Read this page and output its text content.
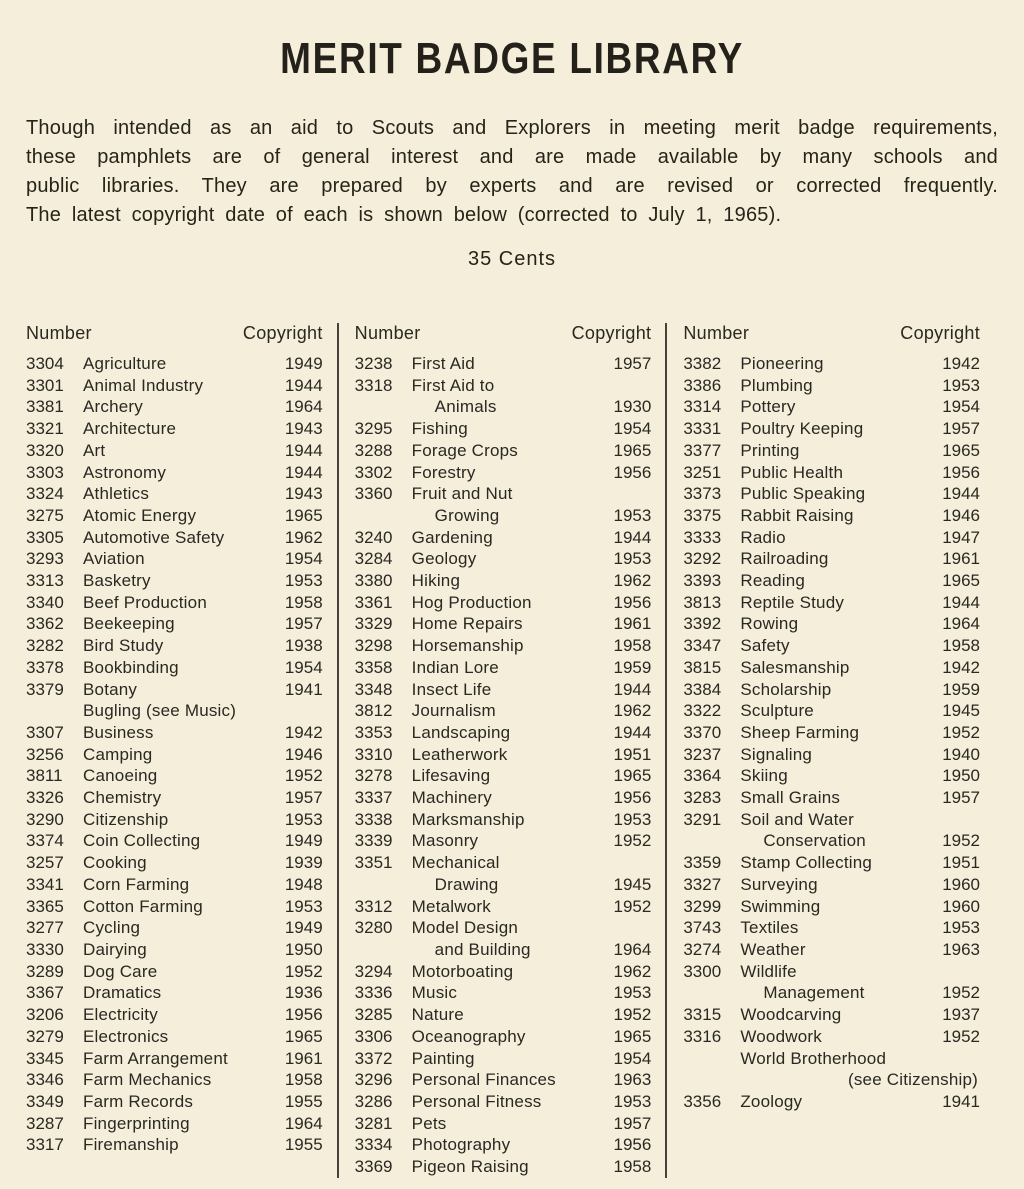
MERIT BADGE LIBRARY
Though intended as an aid to Scouts and Explorers in meeting merit badge requirements,
these pamphlets are of general interest and are made available by many schools and
public libraries. They are prepared by experts and are revised or corrected frequently.
The latest copyright date of each is shown below (corrected to July 1, 1965).
35 Cents
Number	Copyright
3304	Agriculture	1949
3301	Animal Industry	1944
3381	Archery	1964
3321	Architecture	1943
3320	Art	1944
3303	Astronomy	1944
3324	Athletics	1943
3275	Atomic Energy	1965
3305	Automotive Safety	1962
3293	Aviation	1954
3313	Basketry	1953
3340	Beef Production	1958
3362	Beekeeping	1957
3282	Bird Study	1938
3378	Bookbinding	1954
3379	Botany	1941
Bugling (see Music)
3307	Business	1942
3256	Camping	1946
3811	Canoeing	1952
3326	Chemistry	1957
3290	Citizenship	1953
3374	Coin Collecting	1949
3257	Cooking	1939
3341	Corn Farming	1948
3365	Cotton Farming	1953
3277	Cycling	1949
3330	Dairying	1950
3289	Dog Care	1952
3367	Dramatics	1936
3206	Electricity	1956
3279	Electronics	1965
3345	Farm Arrangement	1961
3346	Farm Mechanics	1958
3349	Farm Records	1955
3287	Fingerprinting	1964
3317	Firemanship	1955
Number	Copyright
3238	First Aid	1957
3318	First Aid to
Animals	1930
3295	Fishing	1954
3288	Forage Crops	1965
3302	Forestry	1956
3360	Fruit and Nut
Growing	1953
3240	Gardening	1944
3284	Geology	1953
3380	Hiking	1962
3361	Hog Production	1956
3329	Home Repairs	1961
3298	Horsemanship	1958
3358	Indian Lore	1959
3348	Insect Life	1944
3812	Journalism	1962
3353	Landscaping	1944
3310	Leatherwork	1951
3278	Lifesaving	1965
3337	Machinery	1956
3338	Marksmanship	1953
3339	Masonry	1952
3351	Mechanical
Drawing	1945
3312	Metalwork	1952
3280	Model Design
and Building	1964
3294	Motorboating	1962
3336	Music	1953
3285	Nature	1952
3306	Oceanography	1965
3372	Painting	1954
3296	Personal Finances	1963
3286	Personal Fitness	1953
3281	Pets	1957
3334	Photography	1956
3369	Pigeon Raising	1958
Number	Copyright
3382	Pioneering	1942
3386	Plumbing	1953
3314	Pottery	1954
3331	Poultry Keeping	1957
3377	Printing	1965
3251	Public Health	1956
3373	Public Speaking	1944
3375	Rabbit Raising	1946
3333	Radio	1947
3292	Railroading	1961
3393	Reading	1965
3813	Reptile Study	1944
3392	Rowing	1964
3347	Safety	1958
3815	Salesmanship	1942
3384	Scholarship	1959
3322	Sculpture	1945
3370	Sheep Farming	1952
3237	Signaling	1940
3364	Skiing	1950
3283	Small Grains	1957
3291	Soil and Water
Conservation	1952
3359	Stamp Collecting	1951
3327	Surveying	1960
3299	Swimming	1960
3743	Textiles	1953
3274	Weather	1963
3300	Wildlife
Management	1952
3315	Woodcarving	1937
3316	Woodwork	1952
World Brotherhood
(see Citizenship)
3356	Zoology	1941
